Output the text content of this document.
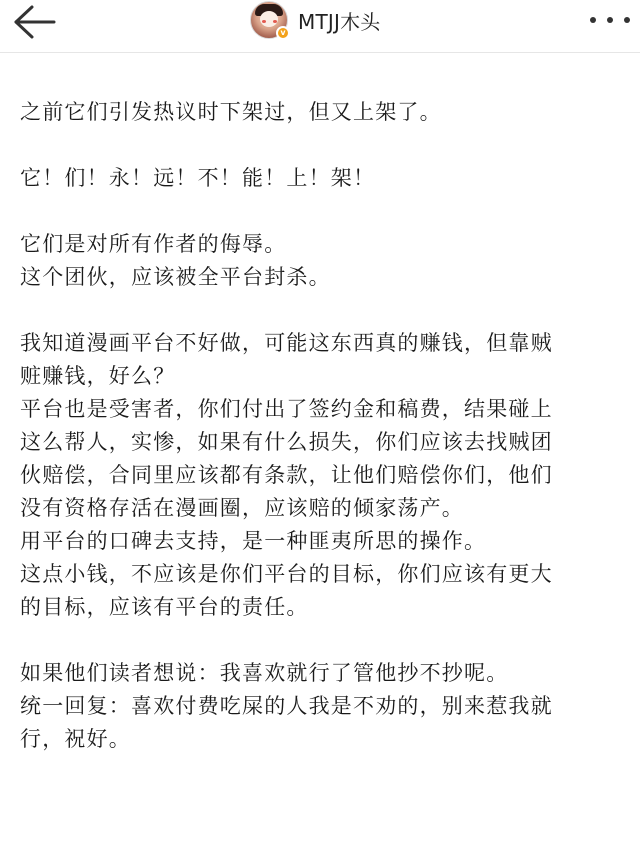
v MTJJ木头
之前它们引发热议时下架过，但又上架了。
它！们！永！远！不！能！上！架！
它们是对所有作者的侮辱。
这个团伙，应该被全平台封杀。
我知道漫画平台不好做，可能这东西真的赚钱，但靠贼
赃赚钱，好么？
平台也是受害者，你们付出了签约金和稿费，结果碰上
这么帮人，实惨，如果有什么损失，你们应该去找贼团
伙赔偿，合同里应该都有条款，让他们赔偿你们，他们
没有资格存活在漫画圈，应该赔的倾家荡产。
用平台的口碑去支持，是一种匪夷所思的操作。
这点小钱，不应该是你们平台的目标，你们应该有更大
的目标，应该有平台的责任。
如果他们读者想说：我喜欢就行了管他抄不抄呢。
统一回复：喜欢付费吃屎的人我是不劝的，别来惹我就
行，祝好。
